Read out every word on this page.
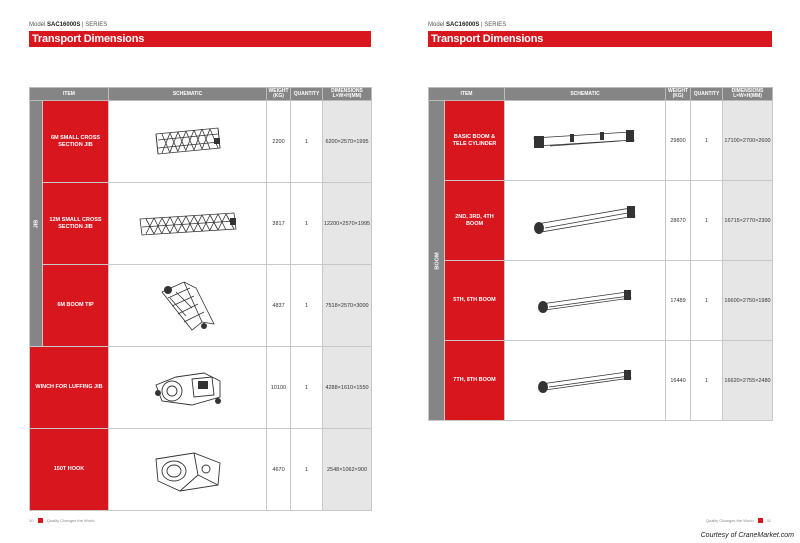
Model SAC16000S | SERIES
Transport Dimensions
ITEM		SCHEMATIC	WEIGHT (KG)	QUANTITY	DIMENSIONS L×W×H(MM)
JIB	6M SMALL CROSS SECTION JIB		2200	1	6200×2570×1995
	12M SMALL CROSS SECTION JIB		3817	1	12200×2570×1995
	6M BOOM TIP		4837	1	7518×2570×3000
WINCH FOR LUFFING JIB			10100	1	4288×1610×1550
150T HOOK			4670	1	2548×1062×900
10	Quality Changes the World
Model SAC16000S | SERIES
Transport Dimensions
ITEM		SCHEMATIC	WEIGHT (KG)	QUANTITY	DIMENSIONS L×W×H(MM)
BOOM	BASIC BOOM & TELE CYLINDER		29800	1	17100×2700×2600
	2ND, 3RD, 4TH BOOM		28670	1	16715×2770×2300
	5TH, 6TH BOOM		17489	1	16600×2750×1980
	7TH, 8TH BOOM		16440	1	16620×2755×2480
Quality Changes the World	11
Courtesy of CraneMarket.com
